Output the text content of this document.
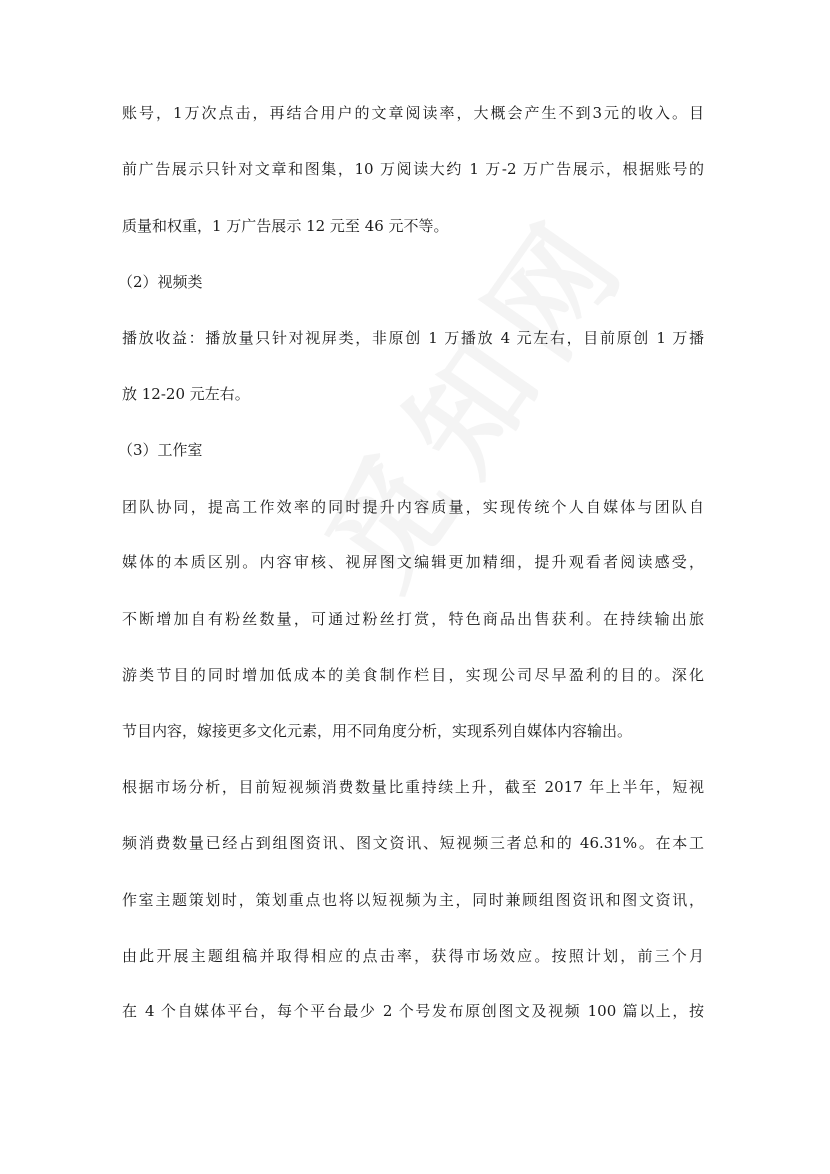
账号，1万次点击，再结合用户的文章阅读率，大概会产生不到3元的收入。目
前广告展示只针对文章和图集，10 万阅读大约 1 万-2 万广告展示，根据账号的
质量和权重，1 万广告展示 12 元至 46 元不等。
（2）视频类
播放收益：播放量只针对视屏类，非原创 1 万播放 4 元左右，目前原创 1 万播
放 12-20 元左右。
（3）工作室
团队协同，提高工作效率的同时提升内容质量，实现传统个人自媒体与团队自
媒体的本质区别。内容审核、视屏图文编辑更加精细，提升观看者阅读感受，
不断增加自有粉丝数量，可通过粉丝打赏，特色商品出售获利。在持续输出旅
游类节目的同时增加低成本的美食制作栏目，实现公司尽早盈利的目的。深化
节目内容，嫁接更多文化元素，用不同角度分析，实现系列自媒体内容输出。
根据市场分析，目前短视频消费数量比重持续上升，截至 2017 年上半年，短视
频消费数量已经占到组图资讯、图文资讯、短视频三者总和的 46.31%。在本工
作室主题策划时，策划重点也将以短视频为主，同时兼顾组图资讯和图文资讯，
由此开展主题组稿并取得相应的点击率，获得市场效应。按照计划，前三个月
在 4 个自媒体平台，每个平台最少 2 个号发布原创图文及视频 100 篇以上，按
